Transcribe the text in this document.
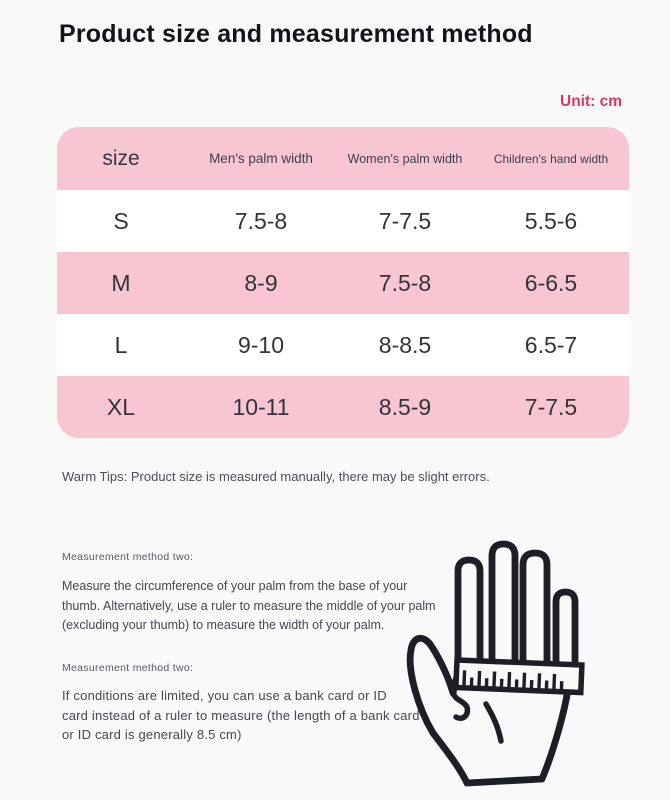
Product size and measurement method
Unit: cm
size	Men's palm width	Women's palm width	Children's hand width
S	7.5-8	7-7.5	5.5-6
M	8-9	7.5-8	6-6.5
L	9-10	8-8.5	6.5-7
XL	10-11	8.5-9	7-7.5
Warm Tips: Product size is measured manually, there may be slight errors.
Measurement method two:
Measure the circumference of your palm from the base of your
thumb. Alternatively, use a ruler to measure the middle of your palm
(excluding your thumb) to measure the width of your palm.
Measurement method two:
If conditions are limited, you can use a bank card or ID
card instead of a ruler to measure (the length of a bank card
or ID card is generally 8.5 cm)
